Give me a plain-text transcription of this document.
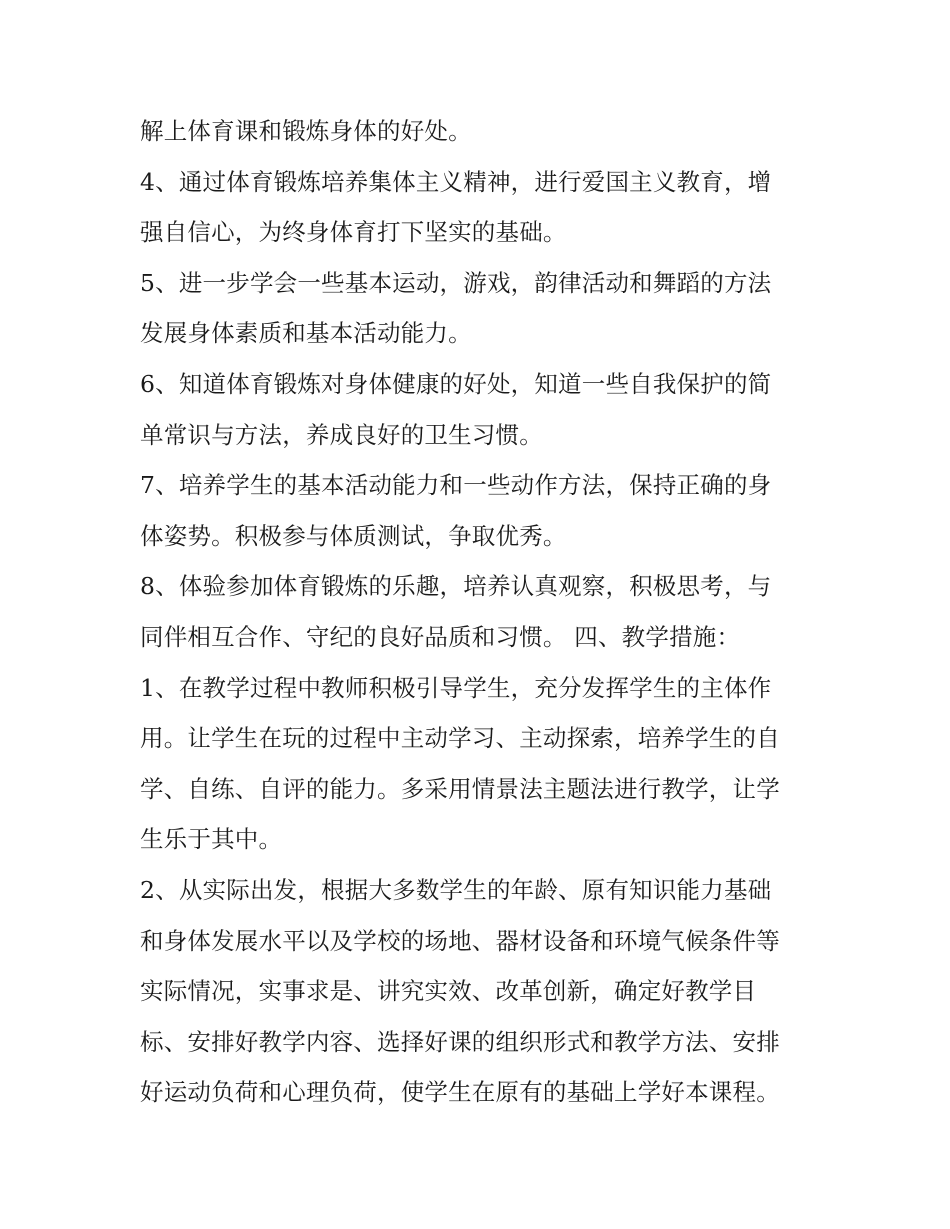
解上体育课和锻炼身体的好处。
4、通过体育锻炼培养集体主义精神，进行爱国主义教育，增
强自信心，为终身体育打下坚实的基础。
5、进一步学会一些基本运动，游戏，韵律活动和舞蹈的方法
发展身体素质和基本活动能力。
6、知道体育锻炼对身体健康的好处，知道一些自我保护的简
单常识与方法，养成良好的卫生习惯。
7、培养学生的基本活动能力和一些动作方法，保持正确的身
体姿势。积极参与体质测试，争取优秀。
8、体验参加体育锻炼的乐趣，培养认真观察，积极思考，与
同伴相互合作、守纪的良好品质和习惯。 四、教学措施：
1、在教学过程中教师积极引导学生，充分发挥学生的主体作
用。让学生在玩的过程中主动学习、主动探索，培养学生的自
学、自练、自评的能力。多采用情景法主题法进行教学，让学
生乐于其中。
2、从实际出发，根据大多数学生的年龄、原有知识能力基础
和身体发展水平以及学校的场地、器材设备和环境气候条件等
实际情况，实事求是、讲究实效、改革创新，确定好教学目
标、安排好教学内容、选择好课的组织形式和教学方法、安排
好运动负荷和心理负荷，使学生在原有的基础上学好本课程。
